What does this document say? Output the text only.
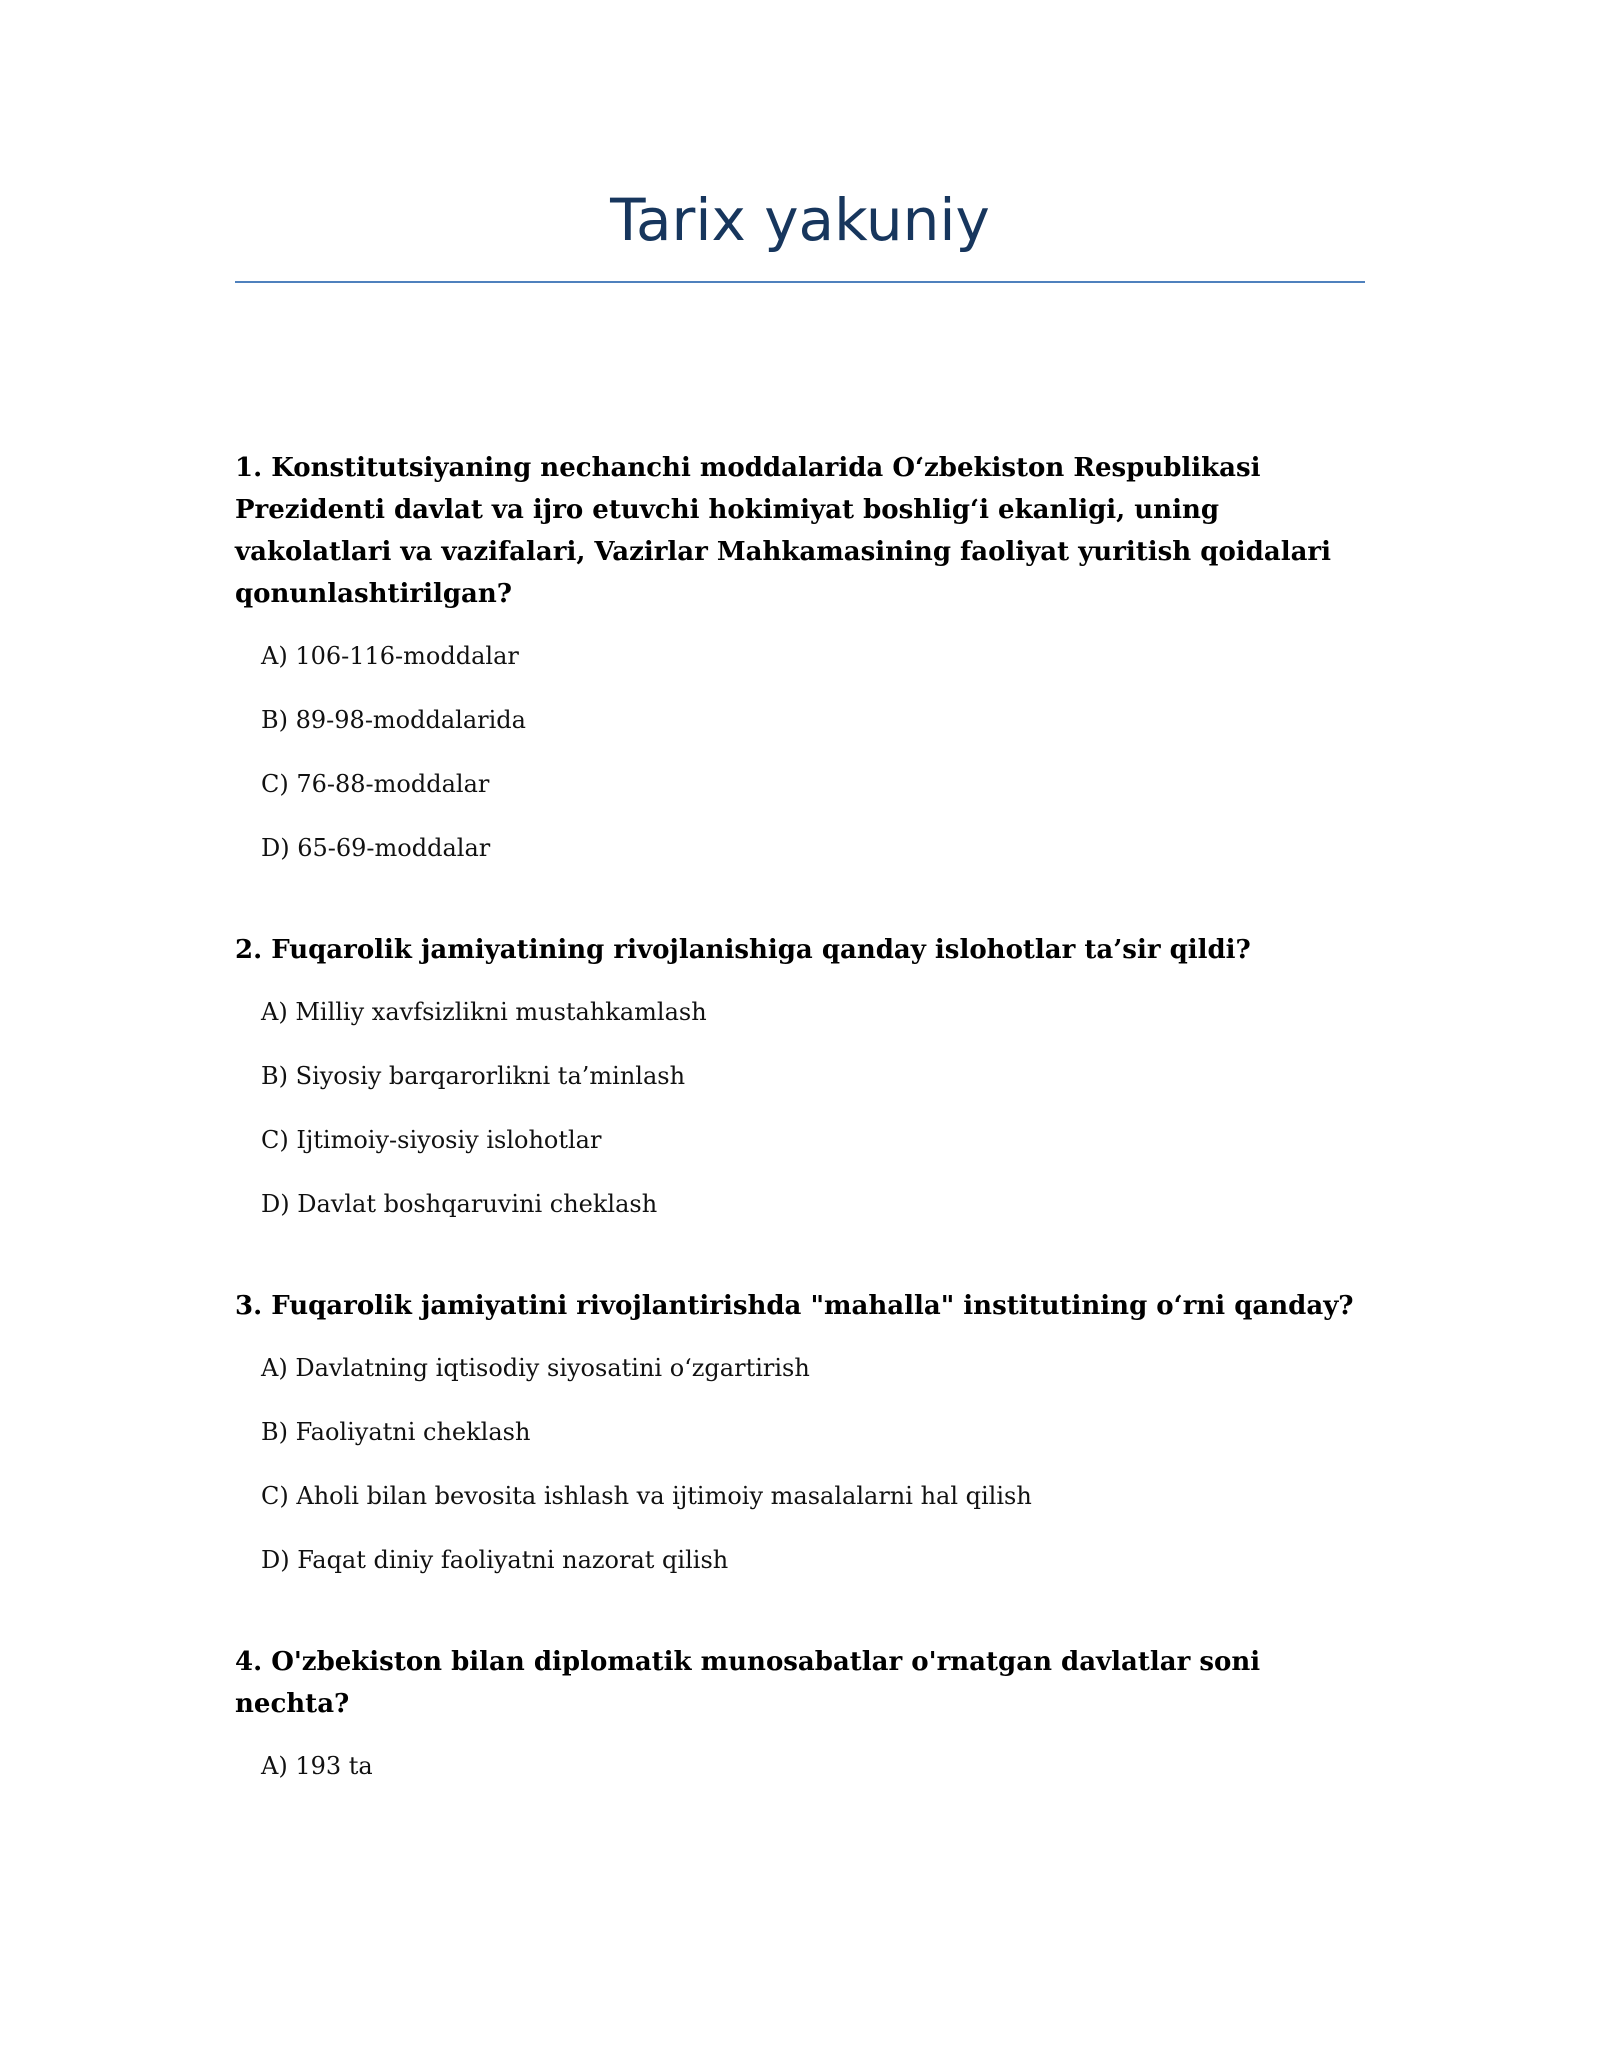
Tarix yakuniy

1. Konstitutsiyaning nechanchi moddalarida O‘zbekiston Respublikasi Prezidenti davlat va ijro etuvchi hokimiyat boshlig‘i ekanligi, uning vakolatlari va vazifalari, Vazirlar Mahkamasining faoliyat yuritish qoidalari qonunlashtirilgan?

A) 106-116-moddalar
B) 89-98-moddalarida
C) 76-88-moddalar
D) 65-69-moddalar

2. Fuqarolik jamiyatining rivojlanishiga qanday islohotlar ta’sir qildi?

A) Milliy xavfsizlikni mustahkamlash
B) Siyosiy barqarorlikni ta’minlash
C) Ijtimoiy-siyosiy islohotlar
D) Davlat boshqaruvini cheklash

3. Fuqarolik jamiyatini rivojlantirishda "mahalla" institutining o‘rni qanday?

A) Davlatning iqtisodiy siyosatini o‘zgartirish
B) Faoliyatni cheklash
C) Aholi bilan bevosita ishlash va ijtimoiy masalalarni hal qilish
D) Faqat diniy faoliyatni nazorat qilish

4. O'zbekiston bilan diplomatik munosabatlar o'rnatgan davlatlar soni nechta?

A) 193 ta
